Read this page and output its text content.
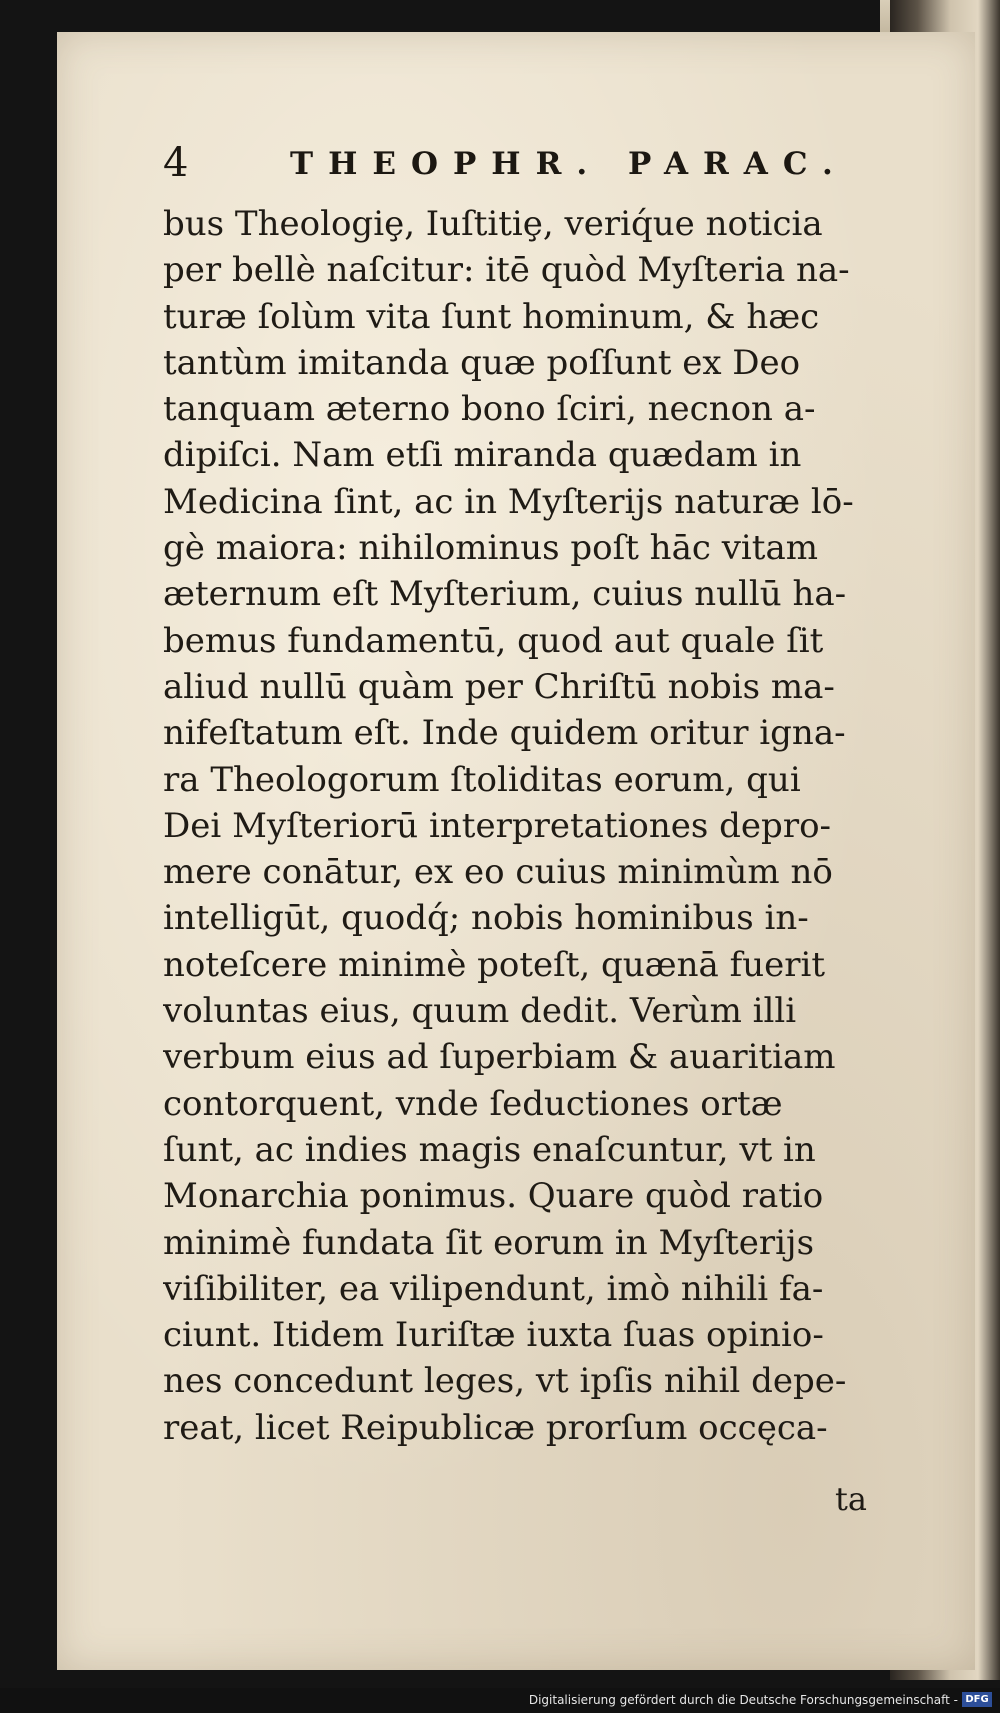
4	THEOPHR. PARAC.
bus Theologiȩ, Iuſtitiȩ, veriq́ue noticia
per bellè naſcitur: itē quòd Myſteria na-
turæ ſolùm vita ſunt hominum, & hæc
tantùm imitanda quæ poſſunt ex Deo
tanquam æterno bono ſciri, necnon a-
dipiſci. Nam etſi miranda quædam in
Medicina ſint, ac in Myſterijs naturæ lō-
gè maiora: nihilominus poſt hāc vitam
æternum eſt Myſterium, cuius nullū ha-
bemus fundamentū, quod aut quale ſit
aliud nullū quàm per Chriſtū nobis ma-
nifeſtatum eſt. Inde quidem oritur igna-
ra Theologorum ſtoliditas eorum, qui
Dei Myſteriorū interpretationes depro-
mere conātur, ex eo cuius minimùm nō
intelligūt, quodq́; nobis hominibus in-
noteſcere minimè poteſt, quænā fuerit
voluntas eius, quum dedit. Verùm illi
verbum eius ad ſuperbiam & auaritiam
contorquent, vnde ſeductiones ortæ
ſunt, ac indies magis enaſcuntur, vt in
Monarchia ponimus. Quare quòd ratio
minimè fundata ſit eorum in Myſterijs
viſibiliter, ea vilipendunt, imò nihili fa-
ciunt. Itidem Iuriſtæ iuxta ſuas opinio-
nes concedunt leges, vt ipſis nihil depe-
reat, licet Reipublicæ prorſum occęca-
ta
Digitalisierung gefördert durch die Deutsche Forschungsgemeinschaft - DFG
